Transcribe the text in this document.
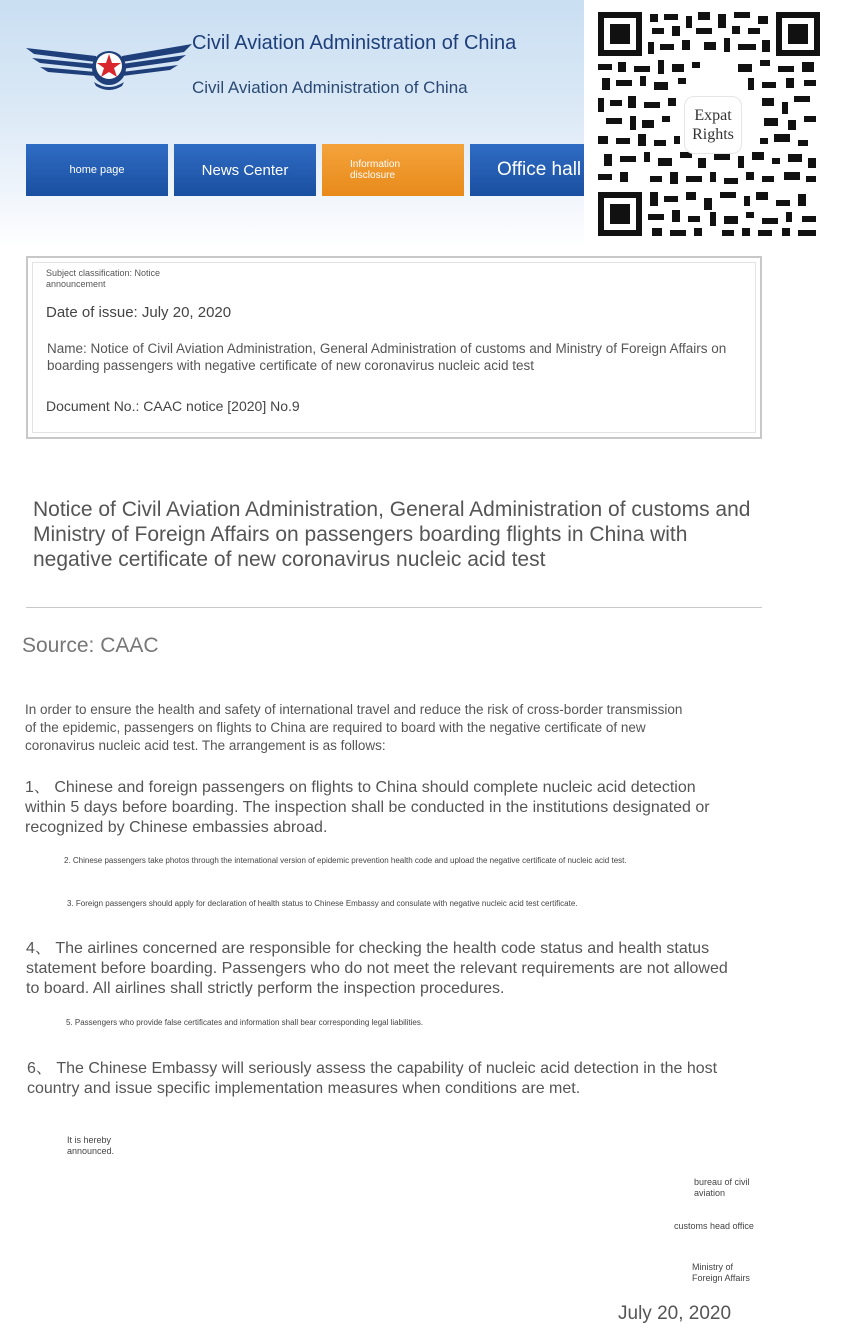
Civil Aviation Administration of China
Civil Aviation Administration of China
home page	News Center	Information
disclosure	Office hall
Expat
Rights
Subject classification: Notice announcement
Date of issue: July 20, 2020
Name: Notice of Civil Aviation Administration, General Administration of customs and Ministry of Foreign Affairs on boarding passengers with negative certificate of new coronavirus nucleic acid test
Document No.: CAAC notice [2020] No.9
Notice of Civil Aviation Administration, General Administration of customs and Ministry of Foreign Affairs on passengers boarding flights in China with negative certificate of new coronavirus nucleic acid test
Source: CAAC
In order to ensure the health and safety of international travel and reduce the risk of cross-border transmission of the epidemic, passengers on flights to China are required to board with the negative certificate of new coronavirus nucleic acid test. The arrangement is as follows:
1、 Chinese and foreign passengers on flights to China should complete nucleic acid detection within 5 days before boarding. The inspection shall be conducted in the institutions designated or recognized by Chinese embassies abroad.
2. Chinese passengers take photos through the international version of epidemic prevention health code and upload the negative certificate of nucleic acid test.
3. Foreign passengers should apply for declaration of health status to Chinese Embassy and consulate with negative nucleic acid test certificate.
4、 The airlines concerned are responsible for checking the health code status and health status statement before boarding. Passengers who do not meet the relevant requirements are not allowed to board. All airlines shall strictly perform the inspection procedures.
5. Passengers who provide false certificates and information shall bear corresponding legal liabilities.
6、 The Chinese Embassy will seriously assess the capability of nucleic acid detection in the host country and issue specific implementation measures when conditions are met.
It is hereby announced.
bureau of civil aviation
customs head office
Ministry of Foreign Affairs
July 20, 2020
